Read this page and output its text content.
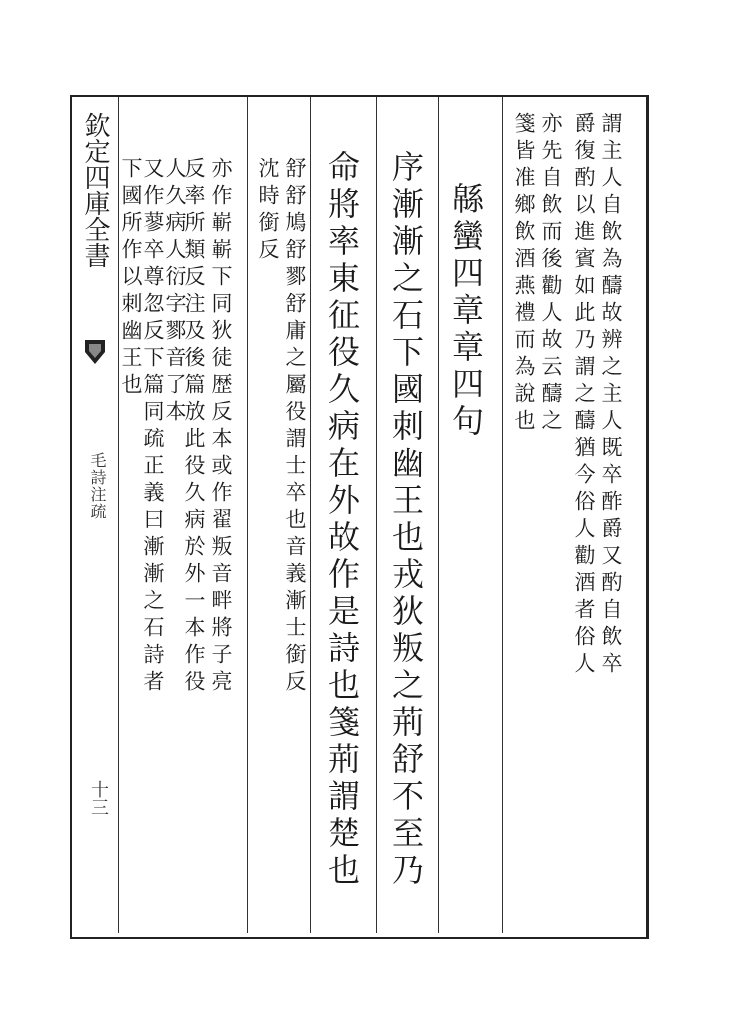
欽定四庫全書
毛詩注疏
十三
謂主人自飲為醻故辨之主人既卒酢爵又酌自飲卒
爵復酌以進賓如此乃謂之醻猶今俗人勸酒者俗人
亦先自飲而後勸人故云醻之
箋皆准鄉飲酒燕禮而為說也
緜蠻四章章四句
序漸漸之石下國刺幽王也戎狄叛之荊舒不至乃
命將率東征役久病在外故作是詩也箋荊謂楚也
舒舒鳩舒鄝舒庸之屬役謂士卒也音義漸士銜反
沈時銜反
亦作嶄嶄下同狄徒歴反本或作翟叛音畔將子亮
反率所類反注及後篇放此役久病於外一本作役
人久病人衍字鄝音了本
又作蓼卒尊忽反下篇同疏正義曰漸漸之石詩者
下國所作以刺幽王也
